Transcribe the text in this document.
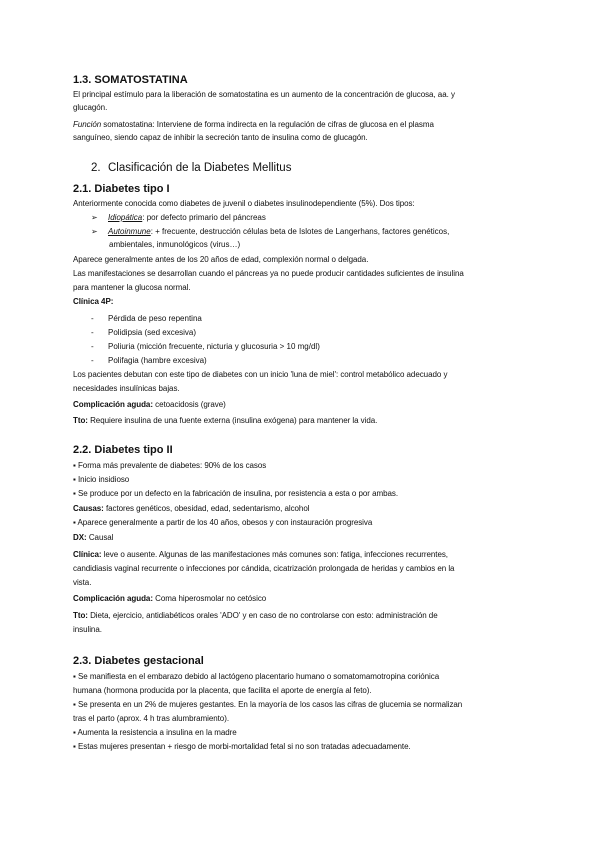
1.3. SOMATOSTATINA
El principal estímulo para la liberación de somatostatina es un aumento de la concentración de glucosa, aa. y
glucagón.
Función somatostatina: Interviene de forma indirecta en la regulación de cifras de glucosa en el plasma
sanguíneo, siendo capaz de inhibir la secreción tanto de insulina como de glucagón.
2. Clasificación de la Diabetes Mellitus
2.1. Diabetes tipo I
Anteriormente conocida como diabetes de juvenil o diabetes insulinodependiente (5%). Dos tipos:
➢ Idiopática: por defecto primario del páncreas
➢ Autoinmune: + frecuente, destrucción células beta de Islotes de Langerhans, factores genéticos,
ambientales, inmunológicos (virus…)
Aparece generalmente antes de los 20 años de edad, complexión normal o delgada.
Las manifestaciones se desarrollan cuando el páncreas ya no puede producir cantidades suficientes de insulina
para mantener la glucosa normal.
Clínica 4P:
- Pérdida de peso repentina
- Polidipsia (sed excesiva)
- Poliuria (micción frecuente, nicturia y glucosuria > 10 mg/dl)
- Polifagia (hambre excesiva)
Los pacientes debutan con este tipo de diabetes con un inicio 'luna de miel': control metabólico adecuado y
necesidades insulínicas bajas.
Complicación aguda: cetoacidosis (grave)
Tto: Requiere insulina de una fuente externa (insulina exógena) para mantener la vida.
2.2. Diabetes tipo II
▪ Forma más prevalente de diabetes: 90% de los casos
▪ Inicio insidioso
▪ Se produce por un defecto en la fabricación de insulina, por resistencia a esta o por ambas.
Causas: factores genéticos, obesidad, edad, sedentarismo, alcohol
▪ Aparece generalmente a partir de los 40 años, obesos y con instauración progresiva
DX: Causal
Clínica: leve o ausente. Algunas de las manifestaciones más comunes son: fatiga, infecciones recurrentes,
candidiasis vaginal recurrente o infecciones por cándida, cicatrización prolongada de heridas y cambios en la
vista.
Complicación aguda: Coma hiperosmolar no cetósico
Tto: Dieta, ejercicio, antidiabéticos orales 'ADO' y en caso de no controlarse con esto: administración de
insulina.
2.3. Diabetes gestacional
▪ Se manifiesta en el embarazo debido al lactógeno placentario humano o somatomamotropina coriónica
humana (hormona producida por la placenta, que facilita el aporte de energía al feto).
▪ Se presenta en un 2% de mujeres gestantes. En la mayoría de los casos las cifras de glucemia se normalizan
tras el parto (aprox. 4 h tras alumbramiento).
▪ Aumenta la resistencia a insulina en la madre
▪ Estas mujeres presentan + riesgo de morbi-mortalidad fetal si no son tratadas adecuadamente.
